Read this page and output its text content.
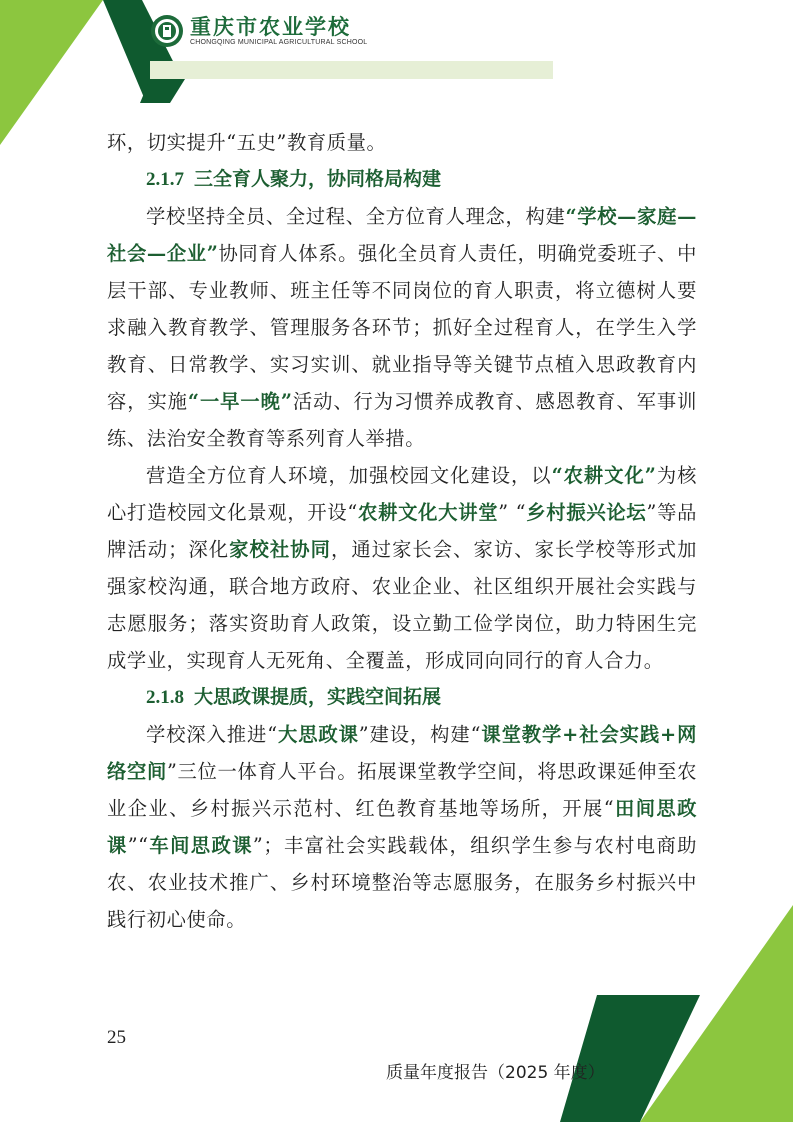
重庆市农业学校
CHONGQING MUNICIPAL AGRICULTURAL SCHOOL

环，切实提升“五史”教育质量。

2.1.7 三全育人聚力，协同格局构建

学校坚持全员、全过程、全方位育人理念，构建“学校—家庭—社会—企业”协同育人体系。强化全员育人责任，明确党委班子、中层干部、专业教师、班主任等不同岗位的育人职责，将立德树人要求融入教育教学、管理服务各环节；抓好全过程育人，在学生入学教育、日常教学、实习实训、就业指导等关键节点植入思政教育内容，实施“一早一晚”活动、行为习惯养成教育、感恩教育、军事训练、法治安全教育等系列育人举措。

营造全方位育人环境，加强校园文化建设，以“农耕文化”为核心打造校园文化景观，开设“农耕文化大讲堂” “乡村振兴论坛”等品牌活动；深化家校社协同，通过家长会、家访、家长学校等形式加强家校沟通，联合地方政府、农业企业、社区组织开展社会实践与志愿服务；落实资助育人政策，设立勤工俭学岗位，助力特困生完成学业，实现育人无死角、全覆盖，形成同向同行的育人合力。

2.1.8 大思政课提质，实践空间拓展

学校深入推进“大思政课”建设，构建“课堂教学+社会实践+网络空间”三位一体育人平台。拓展课堂教学空间，将思政课延伸至农业企业、乡村振兴示范村、红色教育基地等场所，开展“田间思政课”“车间思政课”；丰富社会实践载体，组织学生参与农村电商助农、农业技术推广、乡村环境整治等志愿服务，在服务乡村振兴中践行初心使命。

25
质量年度报告（2025 年度）
